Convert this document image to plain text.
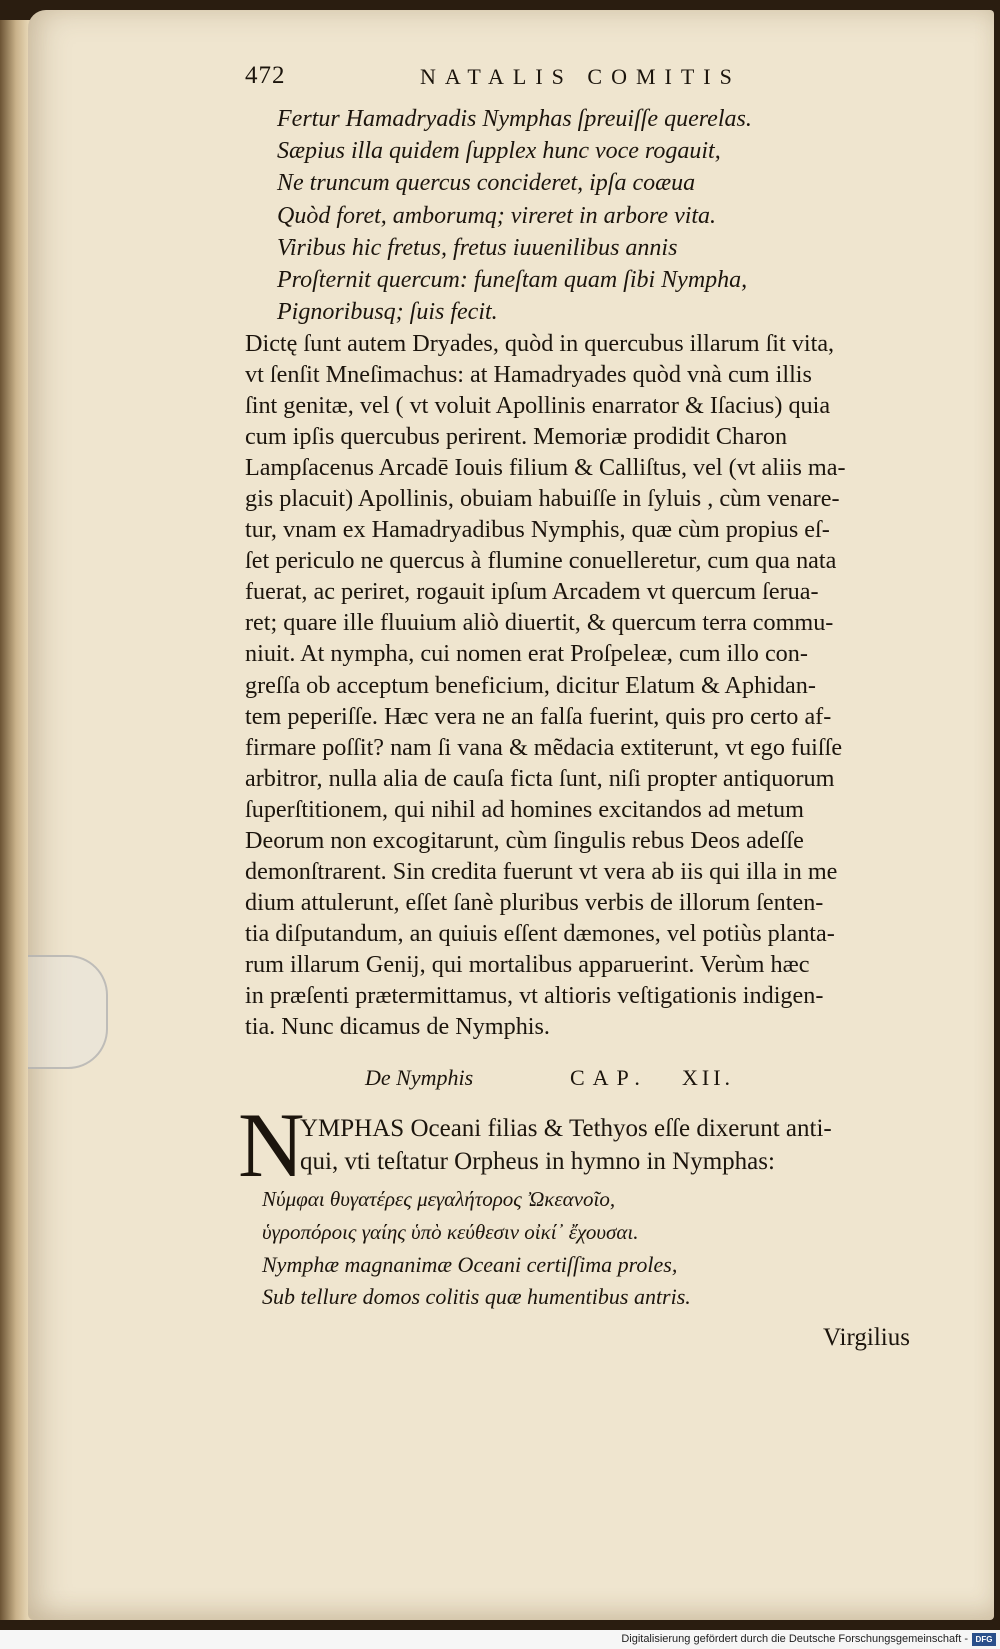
472	NATALIS COMITIS
Fertur Hamadryadis Nymphas ſpreuiſſe querelas.
Sæpius illa quidem ſupplex hunc voce rogauit,
Ne truncum quercus concideret, ipſa coæua
Quòd foret, amborumq; vireret in arbore vita.
Viribus hic fretus, fretus iuuenilibus annis
Proſternit quercum: funeſtam quam ſibi Nympha,
Pignoribusq; ſuis fecit.
Dictę ſunt autem Dryades, quòd in quercubus illarum ſit vita,
vt ſenſit Mneſimachus: at Hamadryades quòd vnà cum illis
ſint genitæ, vel ( vt voluit Apollinis enarrator & Iſacius) quia
cum ipſis quercubus perirent. Memoriæ prodidit Charon
Lampſacenus Arcadē Iouis filium & Calliſtus, vel (vt aliis ma-
gis placuit) Apollinis, obuiam habuiſſe in ſyluis , cùm venare-
tur, vnam ex Hamadryadibus Nymphis, quæ cùm propius eſ-
ſet periculo ne quercus à flumine conuelleretur, cum qua nata
fuerat, ac periret, rogauit ipſum Arcadem vt quercum ſerua-
ret; quare ille fluuium aliò diuertit, & quercum terra commu-
niuit. At nympha, cui nomen erat Proſpeleæ, cum illo con-
greſſa ob acceptum beneficium, dicitur Elatum & Aphidan-
tem peperiſſe. Hæc vera ne an falſa fuerint, quis pro certo af-
firmare poſſit? nam ſi vana & mẽdacia extiterunt, vt ego fuiſſe
arbitror, nulla alia de cauſa ficta ſunt, niſi propter antiquorum
ſuperſtitionem, qui nihil ad homines excitandos ad metum
Deorum non excogitarunt, cùm ſingulis rebus Deos adeſſe
demonſtrarent. Sin credita fuerunt vt vera ab iis qui illa in me
dium attulerunt, eſſet ſanè pluribus verbis de illorum ſenten-
tia diſputandum, an quiuis eſſent dæmones, vel potiùs planta-
rum illarum Genij, qui mortalibus apparuerint. Verùm hæc
in præſenti prætermittamus, vt altioris veſtigationis indigen-
tia. Nunc dicamus de Nymphis.
De Nymphis	CAP. XII.
N
YMPHAS Oceani filias & Tethyos eſſe dixerunt anti-
qui, vti teſtatur Orpheus in hymno in Nymphas:
Νύμφαι θυγατέρες μεγαλήτορος Ὠκεανοῖο,
ὑγροπόροις γαίης ὑπὸ κεύθεσιν οἰκί᾽ ἔχουσαι.
Nymphæ magnanimæ Oceani certiſſima proles,
Sub tellure domos colitis quæ humentibus antris.
Virgilius
Digitalisierung gefördert durch die Deutsche Forschungsgemeinschaft - DFG
